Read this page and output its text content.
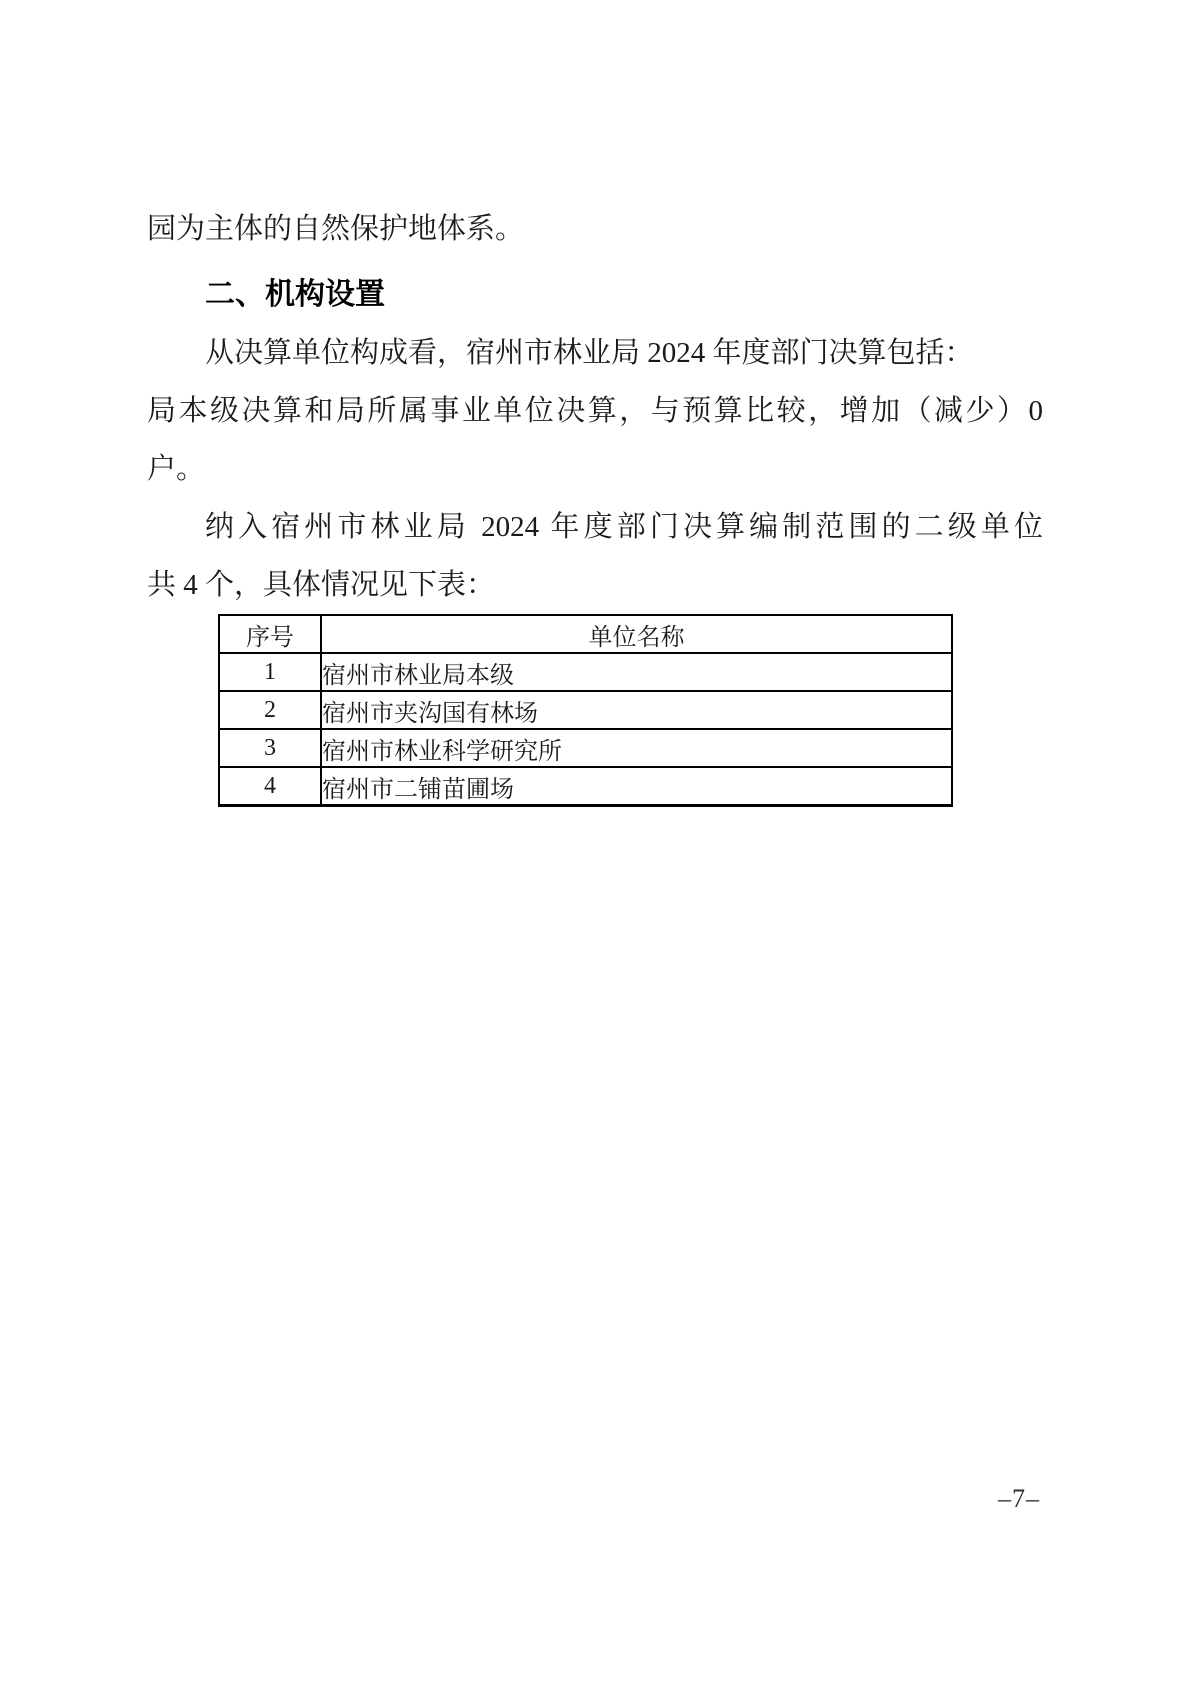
园为主体的自然保护地体系。
二、机构设置
从决算单位构成看，宿州市林业局 2024 年度部门决算包括：
局本级决算和局所属事业单位决算，与预算比较，增加（减少）0
户。
纳入宿州市林业局 2024 年度部门决算编制范围的二级单位
共 4 个，具体情况见下表：
序号	单位名称
1	宿州市林业局本级
2	宿州市夹沟国有林场
3	宿州市林业科学研究所
4	宿州市二铺苗圃场
–7–
